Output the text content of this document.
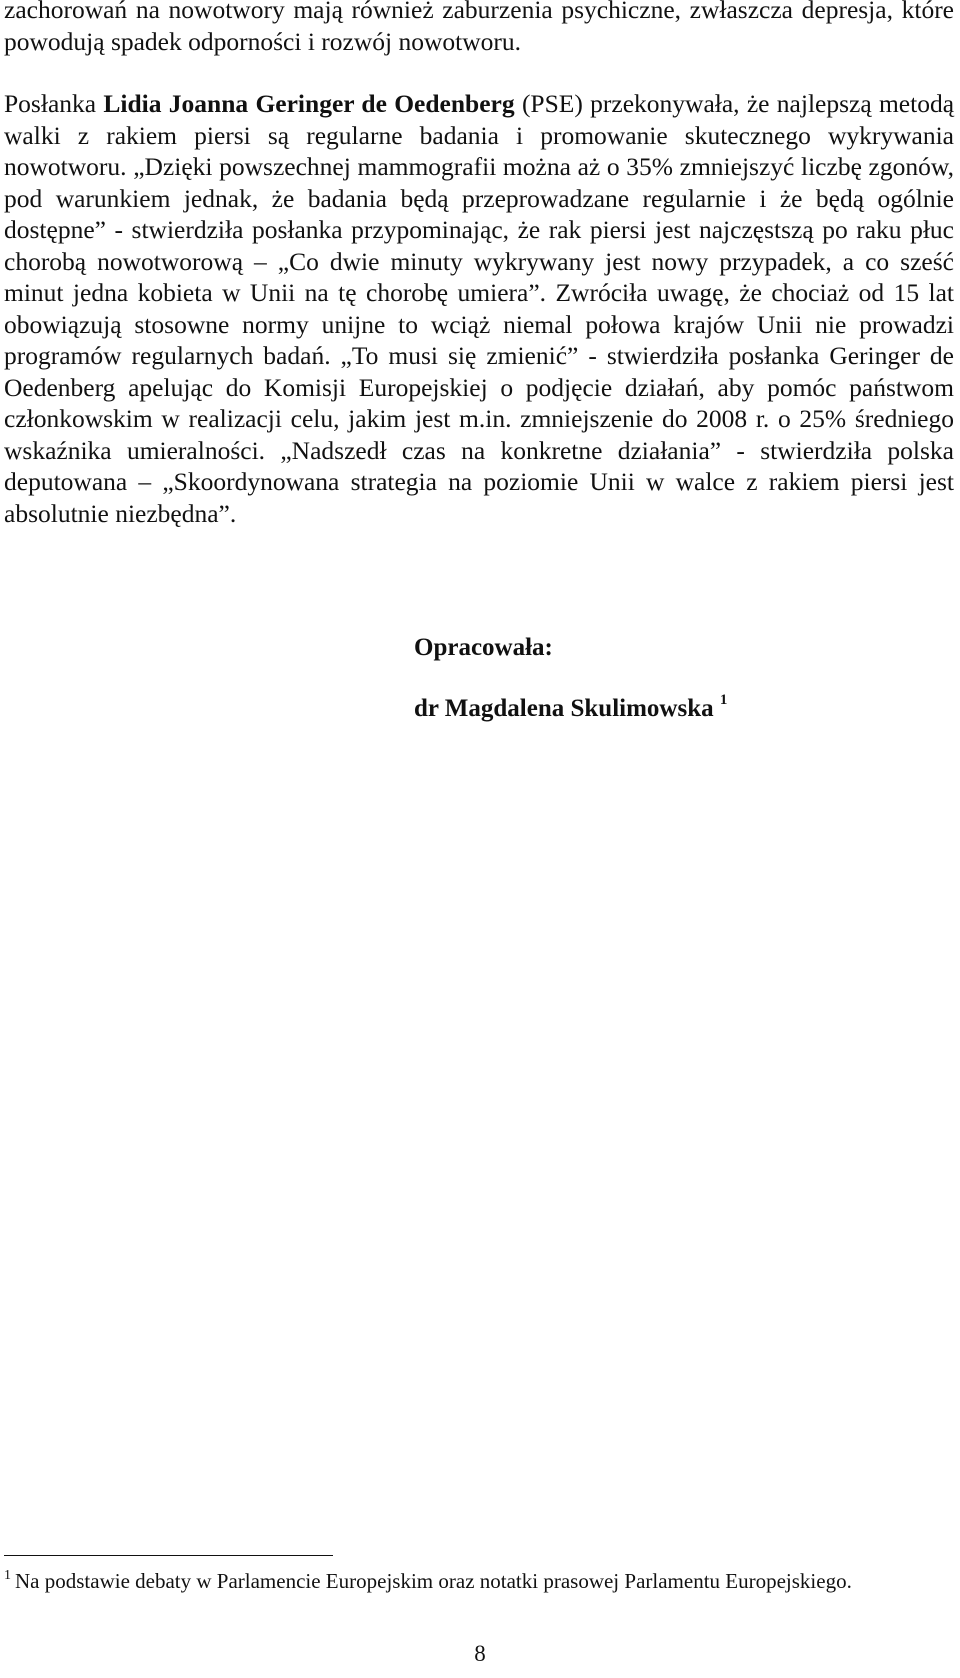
zachorowań na nowotwory mają również zaburzenia psychiczne, zwłaszcza depresja, które powodują spadek odporności i rozwój nowotworu.

Posłanka Lidia Joanna Geringer de Oedenberg (PSE) przekonywała, że najlepszą metodą walki z rakiem piersi są regularne badania i promowanie skutecznego wykrywania nowotworu. „Dzięki powszechnej mammografii można aż o 35% zmniejszyć liczbę zgonów, pod warunkiem jednak, że badania będą przeprowadzane regularnie i że będą ogólnie dostępne” - stwierdziła posłanka przypominając, że rak piersi jest najczęstszą po raku płuc chorobą nowotworową – „Co dwie minuty wykrywany jest nowy przypadek, a co sześć minut jedna kobieta w Unii na tę chorobę umiera”. Zwróciła uwagę, że chociaż od 15 lat obowiązują stosowne normy unijne to wciąż niemal połowa krajów Unii nie prowadzi programów regularnych badań. „To musi się zmienić” - stwierdziła posłanka Geringer de Oedenberg apelując do Komisji Europejskiej o podjęcie działań, aby pomóc państwom członkowskim w realizacji celu, jakim jest m.in. zmniejszenie do 2008 r. o 25% średniego wskaźnika umieralności. „Nadszedł czas na konkretne działania” - stwierdziła polska deputowana – „Skoordynowana strategia na poziomie Unii w walce z rakiem piersi jest absolutnie niezbędna”.

Opracowała:

dr Magdalena Skulimowska $^1$

$^1$ Na podstawie debaty w Parlamencie Europejskim oraz notatki prasowej Parlamentu Europejskiego.

8
